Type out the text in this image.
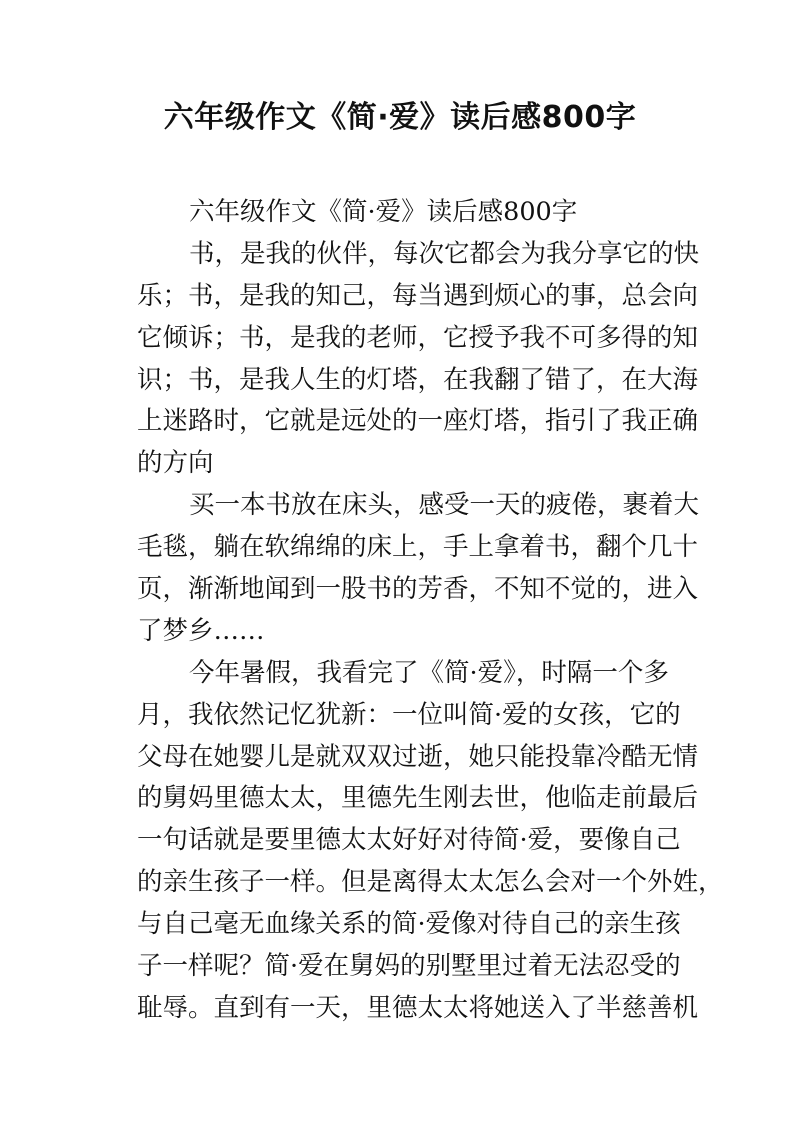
六年级作文《简·爱》读后感800字
六年级作文《简·爱》读后感800字
书，是我的伙伴，每次它都会为我分享它的快
乐；书，是我的知己，每当遇到烦心的事，总会向
它倾诉；书，是我的老师，它授予我不可多得的知
识；书，是我人生的灯塔，在我翻了错了，在大海
上迷路时，它就是远处的一座灯塔，指引了我正确
的方向
买一本书放在床头，感受一天的疲倦，裹着大
毛毯，躺在软绵绵的床上，手上拿着书，翻个几十
页，渐渐地闻到一股书的芳香，不知不觉的，进入
了梦乡……
今年暑假，我看完了《简·爱》，时隔一个多
月，我依然记忆犹新：一位叫简·爱的女孩，它的
父母在她婴儿是就双双过逝，她只能投靠冷酷无情
的舅妈里德太太，里德先生刚去世，他临走前最后
一句话就是要里德太太好好对待简·爱，要像自己
的亲生孩子一样。但是离得太太怎么会对一个外姓，
与自己毫无血缘关系的简·爱像对待自己的亲生孩
子一样呢？简·爱在舅妈的别墅里过着无法忍受的
耻辱。直到有一天，里德太太将她送入了半慈善机
